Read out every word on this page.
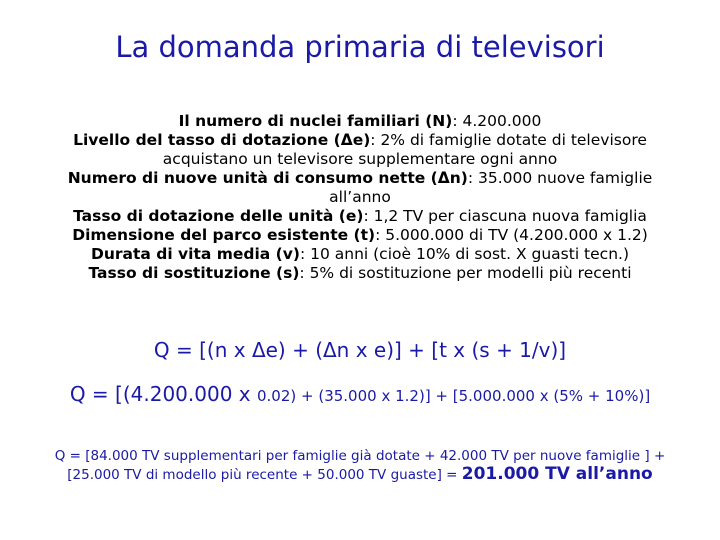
La domanda primaria di televisori
Il numero di nuclei familiari (N): 4.200.000
Livello del tasso di dotazione (Δe): 2% di famiglie dotate di televisore
acquistano un televisore supplementare ogni anno
Numero di nuove unità di consumo nette (Δn): 35.000 nuove famiglie
all’anno
Tasso di dotazione delle unità (e): 1,2 TV per ciascuna nuova famiglia
Dimensione del parco esistente (t): 5.000.000 di TV (4.200.000 x 1.2)
Durata di vita media (v): 10 anni (cioè 10% di sost. X guasti tecn.)
Tasso di sostituzione (s): 5% di sostituzione per modelli più recenti
Q = [(n x Δe) + (Δn x e)] + [t x (s + 1/v)]
Q = [(4.200.000 x 0.02) + (35.000 x 1.2)] + [5.000.000 x (5% + 10%)]
Q = [84.000 TV supplementari per famiglie già dotate + 42.000 TV per nuove famiglie ] +
[25.000 TV di modello più recente + 50.000 TV guaste] = 201.000 TV all’anno
